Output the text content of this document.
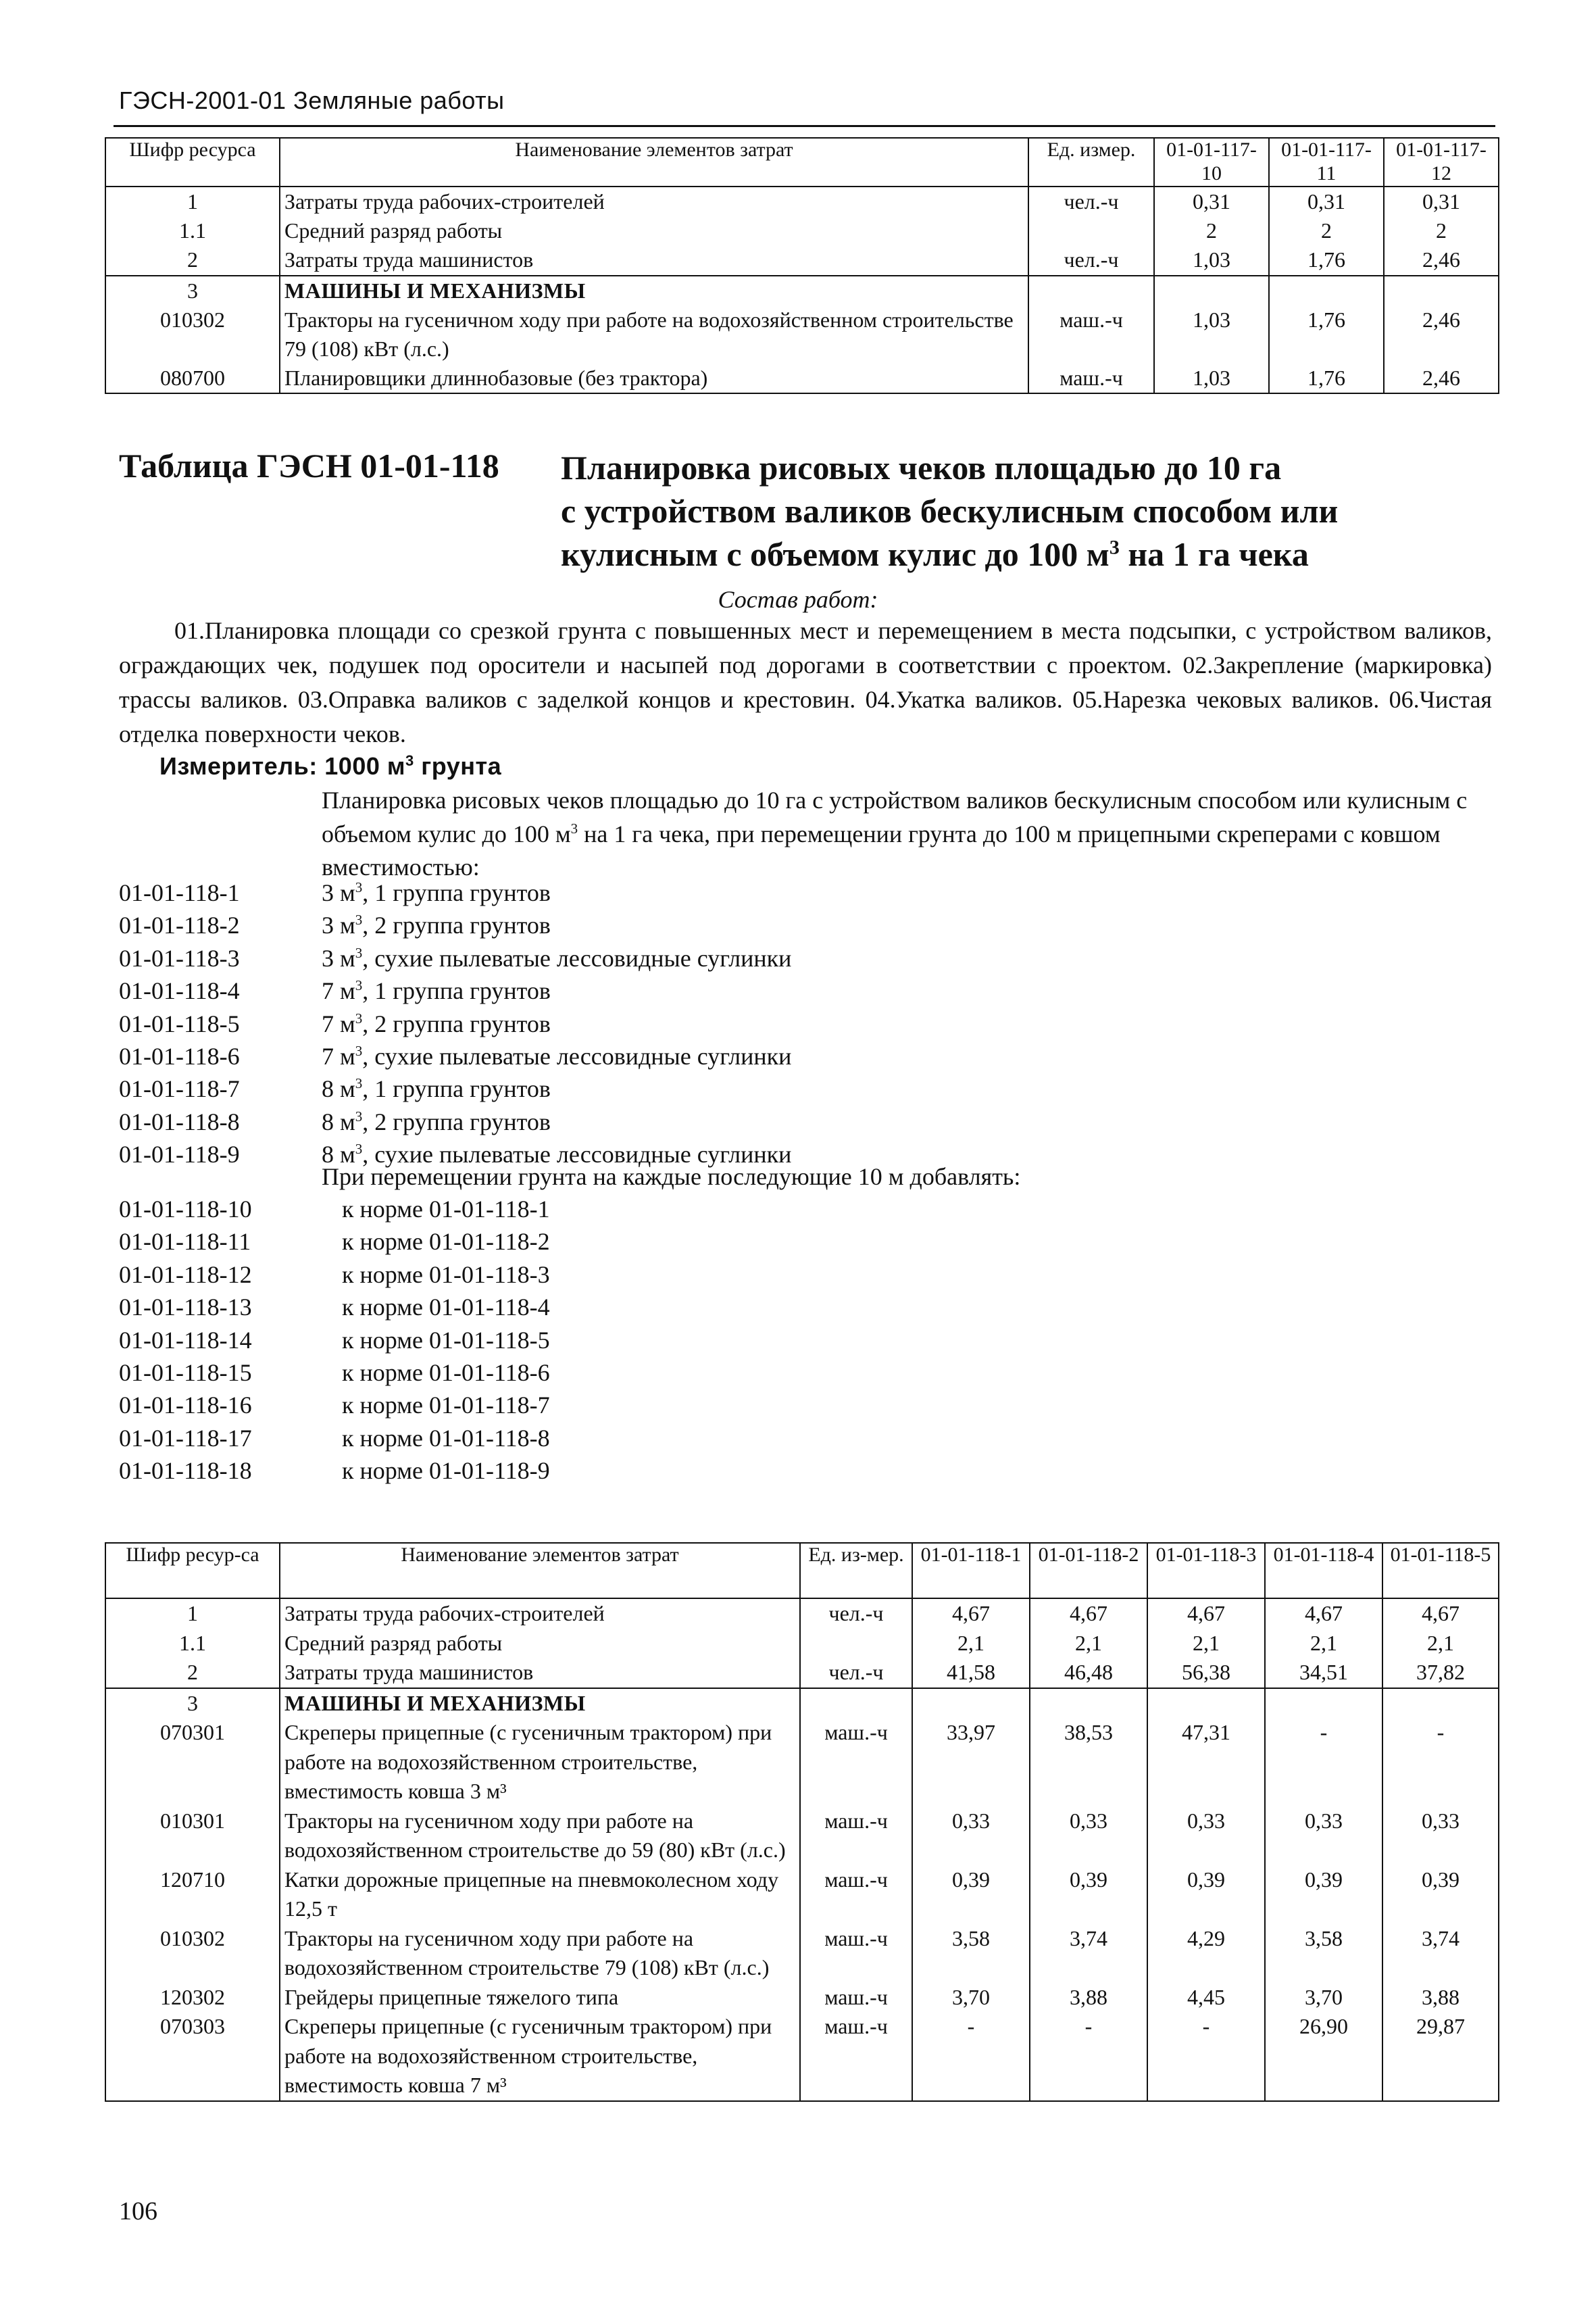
ГЭСН-2001-01 Земляные работы
Шифр ресурса	Наименование элементов затрат	Ед. измер.	01-01-117-10	01-01-117-11	01-01-117-12
1	Затраты труда рабочих-строителей	чел.-ч	0,31	0,31	0,31
1.1	Средний разряд работы		2	2	2
2	Затраты труда машинистов	чел.-ч	1,03	1,76	2,46
3	МАШИНЫ И МЕХАНИЗМЫ				
010302	Тракторы на гусеничном ходу при работе на водохозяйственном строительстве 79 (108) кВт (л.с.)	маш.-ч	1,03	1,76	2,46
080700	Планировщики длиннобазовые (без трактора)	маш.-ч	1,03	1,76	2,46
Таблица ГЭСН 01-01-118 Планировка рисовых чеков площадью до 10 га
с устройством валиков бескулисным способом или
кулисным с объемом кулис до 100 $м^3$ на 1 га чека
Состав работ:

01.Планировка площади со срезкой грунта с повышенных мест и перемещением в места подсыпки, с устройством валиков, ограждающих чек, подушек под оросители и насыпей под дорогами в соответствии с проектом. 02.Закрепление (маркировка) трассы валиков. 03.Оправка валиков с заделкой концов и крестовин. 04.Укатка валиков. 05.Нарезка чековых валиков. 06.Чистая отделка поверхности чеков.

Измеритель: 1000 $м^3$ грунта
Планировка рисовых чеков площадью до 10 га с устройством валиков бескулисным способом или кулисным с объемом кулис до 100 $м^3$ на 1 га чека, при перемещении грунта до 100 м прицепными скреперами с ковшом вместимостью:
01-01-118-1	3 $м^3$, 1 группа грунтов
01-01-118-2	3 $м^3$, 2 группа грунтов
01-01-118-3	3 $м^3$, сухие пылеватые лессовидные суглинки
01-01-118-4	7 $м^3$, 1 группа грунтов
01-01-118-5	7 $м^3$, 2 группа грунтов
01-01-118-6	7 $м^3$, сухие пылеватые лессовидные суглинки
01-01-118-7	8 $м^3$, 1 группа грунтов
01-01-118-8	8 $м^3$, 2 группа грунтов
01-01-118-9	8 $м^3$, сухие пылеватые лессовидные суглинки
При перемещении грунта на каждые последующие 10 м добавлять:
01-01-118-10	к норме 01-01-118-1
01-01-118-11	к норме 01-01-118-2
01-01-118-12	к норме 01-01-118-3
01-01-118-13	к норме 01-01-118-4
01-01-118-14	к норме 01-01-118-5
01-01-118-15	к норме 01-01-118-6
01-01-118-16	к норме 01-01-118-7
01-01-118-17	к норме 01-01-118-8
01-01-118-18	к норме 01-01-118-9
Шифр ресур-са	Наименование элементов затрат	Ед. из-мер.	01-01-118-1	01-01-118-2	01-01-118-3	01-01-118-4	01-01-118-5
1	Затраты труда рабочих-строителей	чел.-ч	4,67	4,67	4,67	4,67	4,67
1.1	Средний разряд работы		2,1	2,1	2,1	2,1	2,1
2	Затраты труда машинистов	чел.-ч	41,58	46,48	56,38	34,51	37,82
3	МАШИНЫ И МЕХАНИЗМЫ						
070301	Скреперы прицепные (с гусеничным трактором) при работе на водохозяйственном строительстве, вместимость ковша 3 м³	маш.-ч	33,97	38,53	47,31	-	-
010301	Тракторы на гусеничном ходу при работе на водохозяйственном строительстве до 59 (80) кВт (л.с.)	маш.-ч	0,33	0,33	0,33	0,33	0,33
120710	Катки дорожные прицепные на пневмоколесном ходу 12,5 т	маш.-ч	0,39	0,39	0,39	0,39	0,39
010302	Тракторы на гусеничном ходу при работе на водохозяйственном строительстве 79 (108) кВт (л.с.)	маш.-ч	3,58	3,74	4,29	3,58	3,74
120302	Грейдеры прицепные тяжелого типа	маш.-ч	3,70	3,88	4,45	3,70	3,88
070303	Скреперы прицепные (с гусеничным трактором) при работе на водохозяйственном строительстве, вместимость ковша 7 м³	маш.-ч	-	-	-	26,90	29,87
106
